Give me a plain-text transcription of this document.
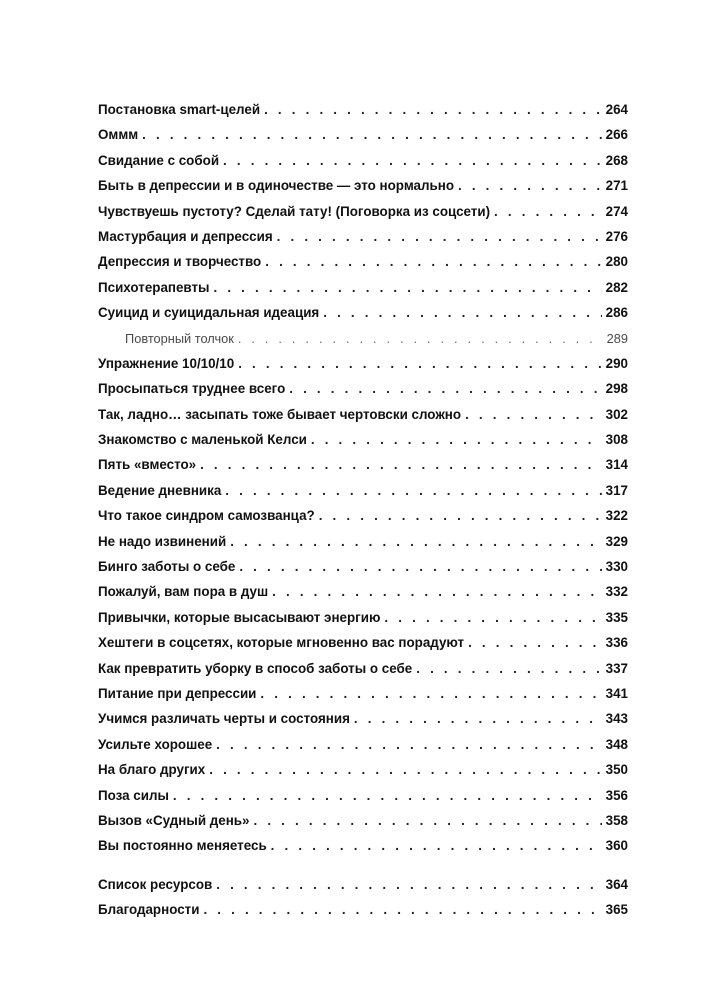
Постановка smart-целей . . .	264
Оммм . . .	266
Свидание с собой . . .	268
Быть в депрессии и в одиночестве — это нормально . . .	271
Чувствуешь пустоту? Сделай тату! (Поговорка из соцсети) . . .	274
Мастурбация и депрессия . . .	276
Депрессия и творчество . . .	280
Психотерапевты . . .	282
Суицид и суицидальная идеация . . .	286
Повторный толчок . . .	289
Упражнение 10/10/10 . . .	290
Просыпаться труднее всего . . .	298
Так, ладно… засыпать тоже бывает чертовски сложно . . .	302
Знакомство с маленькой Келси . . .	308
Пять «вместо» . . .	314
Ведение дневника . . .	317
Что такое синдром самозванца? . . .	322
Не надо извинений . . .	329
Бинго заботы о себе . . .	330
Пожалуй, вам пора в душ . . .	332
Привычки, которые высасывают энергию . . .	335
Хештеги в соцсетях, которые мгновенно вас порадуют . . .	336
Как превратить уборку в способ заботы о себе . . .	337
Питание при депрессии . . .	341
Учимся различать черты и состояния . . .	343
Усильте хорошее . . .	348
На благо других . . .	350
Поза силы . . .	356
Вызов «Судный день» . . .	358
Вы постоянно меняетесь . . .	360
Список ресурсов . . .	364
Благодарности . . .	365
